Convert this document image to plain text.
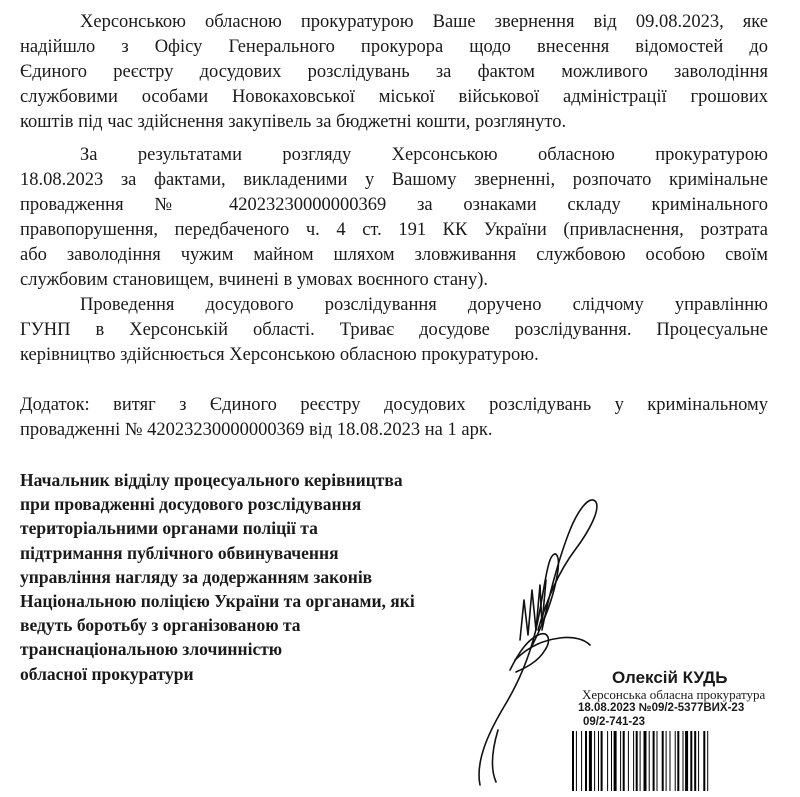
Херсонською обласною прокуратурою Ваше звернення від 09.08.2023, яке
надійшло з Офісу Генерального прокурора щодо внесення відомостей до
Єдиного реєстру досудових розслідувань за фактом можливого заволодіння
службовими особами Новокаховської міської військової адміністрації грошових
коштів під час здійснення закупівель за бюджетні кошти, розглянуто.
За результатами розгляду Херсонською обласною прокуратурою
18.08.2023 за фактами, викладеними у Вашому зверненні, розпочато кримінальне
провадження № 42023230000000369 за ознаками складу кримінального
правопорушення, передбаченого ч. 4 ст. 191 КК України (привласнення, розтрата
або заволодіння чужим майном шляхом зловживання службовою особою своїм
службовим становищем, вчинені в умовах воєнного стану).
Проведення досудового розслідування доручено слідчому управлінню
ГУНП в Херсонській області. Триває досудове розслідування. Процесуальне
керівництво здійснюється Херсонською обласною прокуратурою.
Додаток: витяг з Єдиного реєстру досудових розслідувань у кримінальному
провадженні № 42023230000000369 від 18.08.2023 на 1 арк.
Начальник відділу процесуального керівництва
при провадженні досудового розслідування
територіальними органами поліції та
підтримання публічного обвинувачення
управління нагляду за додержанням законів
Національною поліцією України та органами, які
ведуть боротьбу з організованою та
транснаціональною злочинністю
обласної прокуратури	Олексій КУДЬ
Херсонська обласна прокуратура
18.08.2023 №09/2-5377ВИХ-23
09/2-741-23
